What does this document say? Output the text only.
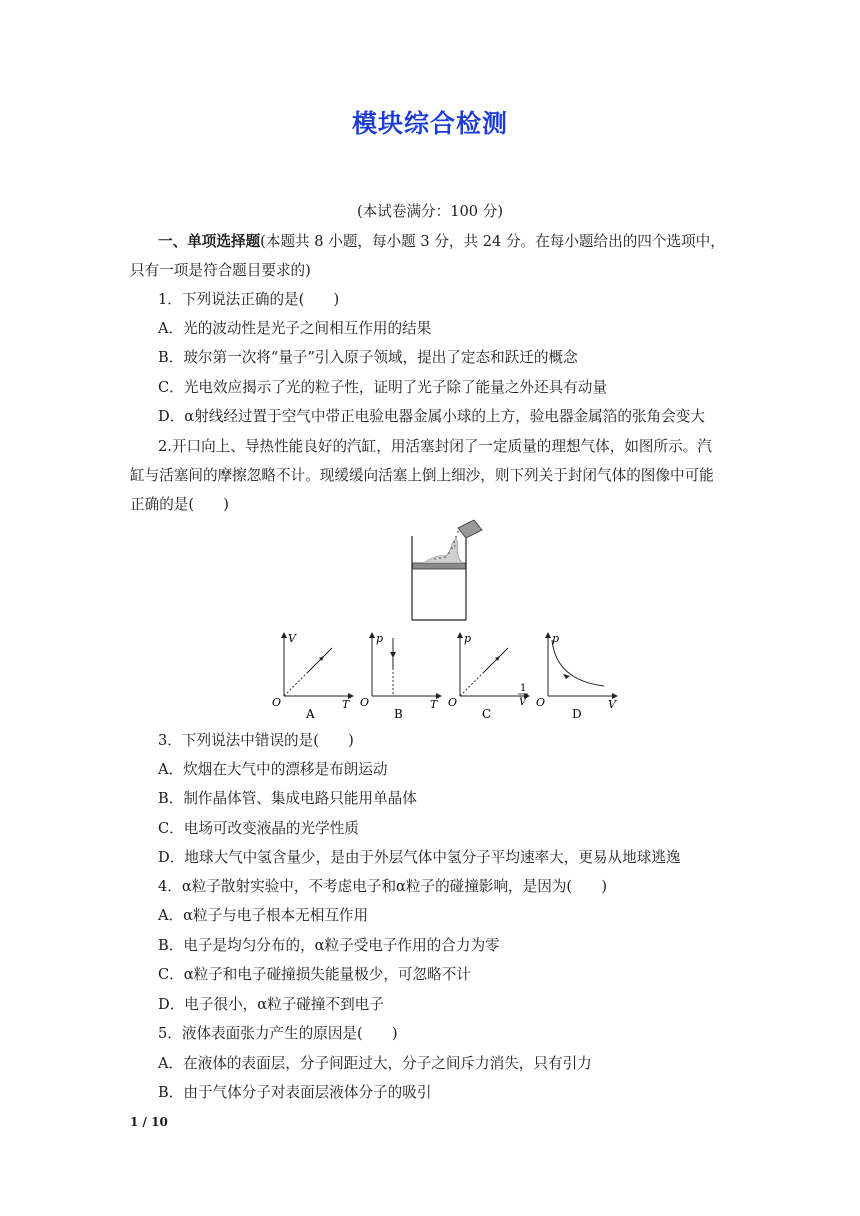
模块综合检测
(本试卷满分：100 分)
一、单项选择题(本题共 8 小题，每小题 3 分，共 24 分。在每小题给出的四个选项中，
只有一项是符合题目要求的)
1．下列说法正确的是(　　)
A．光的波动性是光子之间相互作用的结果
B．玻尔第一次将“量子”引入原子领域，提出了定态和跃迁的概念
C．光电效应揭示了光的粒子性，证明了光子除了能量之外还具有动量
D．α射线经过置于空气中带正电验电器金属小球的上方，验电器金属箔的张角会变大
2.开口向上、导热性能良好的汽缸，用活塞封闭了一定质量的理想气体，如图所示。汽
缸与活塞间的摩擦忽略不计。现缓缓向活塞上倒上细沙，则下列关于封闭气体的图像中可能
正确的是(　　)
V
O	T
A
p
O	T
B
p
O
1
V
C
p
O	V
D
3．下列说法中错误的是(　　)
A．炊烟在大气中的漂移是布朗运动
B．制作晶体管、集成电路只能用单晶体
C．电场可改变液晶的光学性质
D．地球大气中氢含量少，是由于外层气体中氢分子平均速率大，更易从地球逃逸
4．α粒子散射实验中，不考虑电子和α粒子的碰撞影响，是因为(　　)
A．α粒子与电子根本无相互作用
B．电子是均匀分布的，α粒子受电子作用的合力为零
C．α粒子和电子碰撞损失能量极少，可忽略不计
D．电子很小，α粒子碰撞不到电子
5．液体表面张力产生的原因是(　　)
A．在液体的表面层，分子间距过大，分子之间斥力消失，只有引力
B．由于气体分子对表面层液体分子的吸引
1 / 10
